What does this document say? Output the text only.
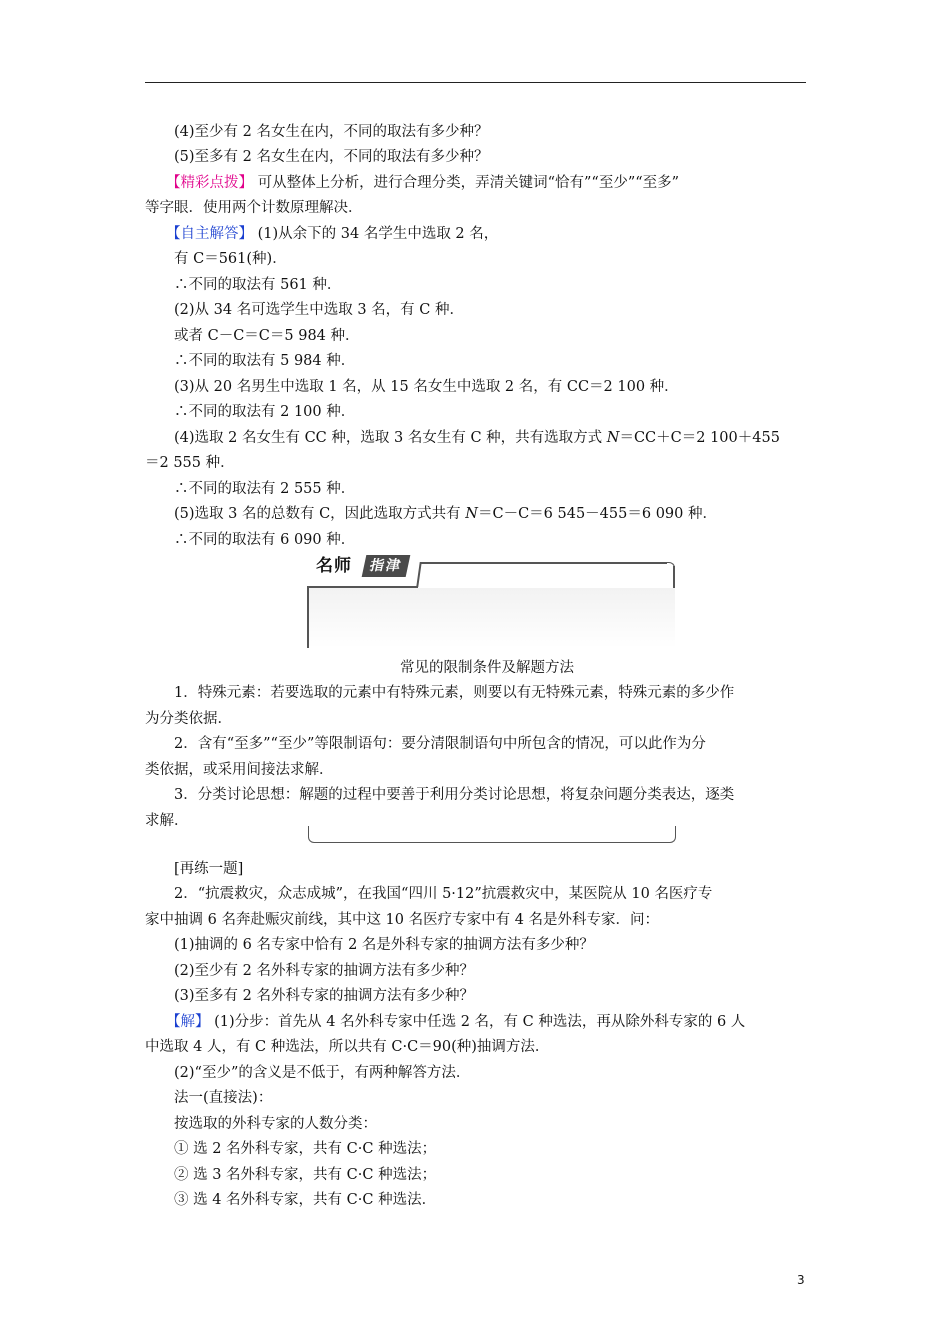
(4)至少有 2 名女生在内，不同的取法有多少种？
(5)至多有 2 名女生在内，不同的取法有多少种？
【精彩点拨】 可从整体上分析，进行合理分类，弄清关键词“恰有”“至少”“至多”
等字眼．使用两个计数原理解决．
【自主解答】 (1)从余下的 34 名学生中选取 2 名，
有 C＝561(种)．
∴不同的取法有 561 种．
(2)从 34 名可选学生中选取 3 名，有 C 种．
或者 C－C＝C＝5 984 种．
∴不同的取法有 5 984 种．
(3)从 20 名男生中选取 1 名，从 15 名女生中选取 2 名，有 CC＝2 100 种．
∴不同的取法有 2 100 种．
(4)选取 2 名女生有 CC 种，选取 3 名女生有 C 种，共有选取方式 N＝CC＋C＝2 100＋455
＝2 555 种．
∴不同的取法有 2 555 种．
(5)选取 3 名的总数有 C，因此选取方式共有 N＝C－C＝6 545－455＝6 090 种．
∴不同的取法有 6 090 种．
名师	指津
常见的限制条件及解题方法
1．特殊元素：若要选取的元素中有特殊元素，则要以有无特殊元素，特殊元素的多少作
为分类依据．
2．含有“至多”“至少”等限制语句：要分清限制语句中所包含的情况，可以此作为分
类依据，或采用间接法求解．
3．分类讨论思想：解题的过程中要善于利用分类讨论思想，将复杂问题分类表达，逐类
求解．
[再练一题]
2．“抗震救灾，众志成城”，在我国“四川 5·12”抗震救灾中，某医院从 10 名医疗专
家中抽调 6 名奔赴赈灾前线，其中这 10 名医疗专家中有 4 名是外科专家．问：
(1)抽调的 6 名专家中恰有 2 名是外科专家的抽调方法有多少种？
(2)至少有 2 名外科专家的抽调方法有多少种？
(3)至多有 2 名外科专家的抽调方法有多少种？
【解】 (1)分步：首先从 4 名外科专家中任选 2 名，有 C 种选法，再从除外科专家的 6 人
中选取 4 人，有 C 种选法，所以共有 C·C＝90(种)抽调方法．
(2)“至少”的含义是不低于，有两种解答方法．
法一(直接法)：
按选取的外科专家的人数分类：
① 选 2 名外科专家，共有 C·C 种选法；
② 选 3 名外科专家，共有 C·C 种选法；
③ 选 4 名外科专家，共有 C·C 种选法．
3
